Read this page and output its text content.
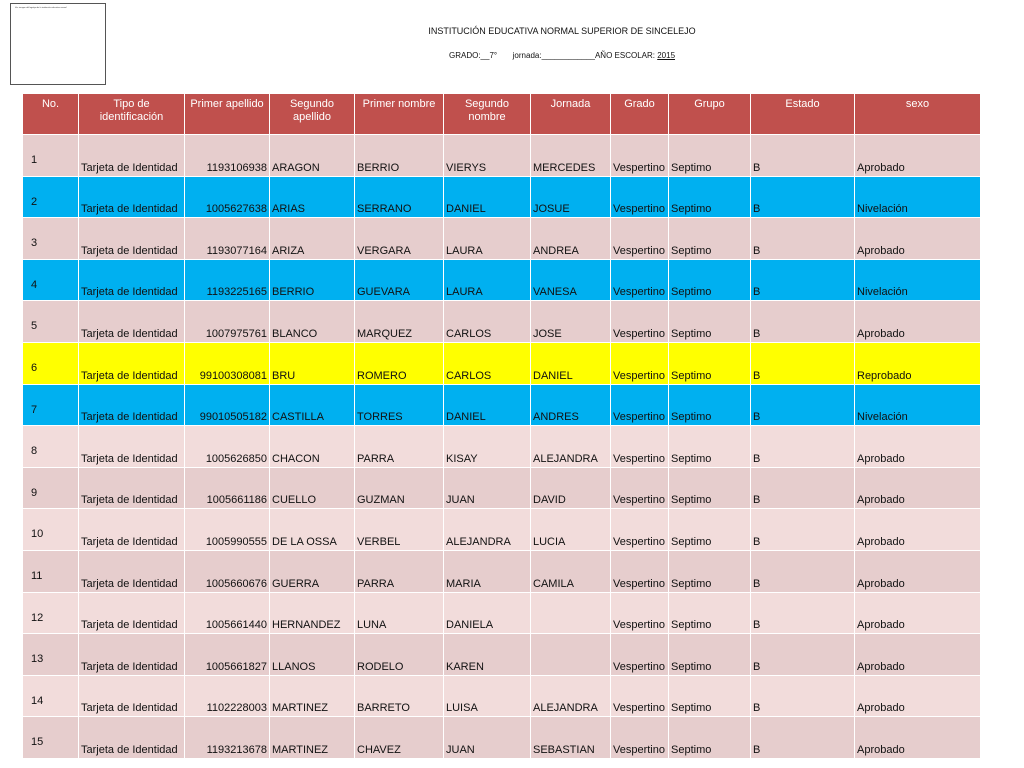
Ver: imagen del logotipo de la institución educativa normal
INSTITUCIÓN EDUCATIVA NORMAL SUPERIOR DE SINCELEJO
GRADO:__7° jornada:____________AÑO ESCOLAR: 2015
No.	Tipo de identificación	Primer apellido	Segundo apellido	Primer nombre	Segundo nombre	Jornada	Grado	Grupo	Estado	sexo
1	Tarjeta de Identidad	1193106938	ARAGON	BERRIO	VIERYS	MERCEDES	Vespertino	Septimo	B	Aprobado
2	Tarjeta de Identidad	1005627638	ARIAS	SERRANO	DANIEL	JOSUE	Vespertino	Septimo	B	Nivelación
3	Tarjeta de Identidad	1193077164	ARIZA	VERGARA	LAURA	ANDREA	Vespertino	Septimo	B	Aprobado
4	Tarjeta de Identidad	1193225165	BERRIO	GUEVARA	LAURA	VANESA	Vespertino	Septimo	B	Nivelación
5	Tarjeta de Identidad	1007975761	BLANCO	MARQUEZ	CARLOS	JOSE	Vespertino	Septimo	B	Aprobado
6	Tarjeta de Identidad	99100308081	BRU	ROMERO	CARLOS	DANIEL	Vespertino	Septimo	B	Reprobado
7	Tarjeta de Identidad	99010505182	CASTILLA	TORRES	DANIEL	ANDRES	Vespertino	Septimo	B	Nivelación
8	Tarjeta de Identidad	1005626850	CHACON	PARRA	KISAY	ALEJANDRA	Vespertino	Septimo	B	Aprobado
9	Tarjeta de Identidad	1005661186	CUELLO	GUZMAN	JUAN	DAVID	Vespertino	Septimo	B	Aprobado
10	Tarjeta de Identidad	1005990555	DE LA OSSA	VERBEL	ALEJANDRA	LUCIA	Vespertino	Septimo	B	Aprobado
11	Tarjeta de Identidad	1005660676	GUERRA	PARRA	MARIA	CAMILA	Vespertino	Septimo	B	Aprobado
12	Tarjeta de Identidad	1005661440	HERNANDEZ	LUNA	DANIELA		Vespertino	Septimo	B	Aprobado
13	Tarjeta de Identidad	1005661827	LLANOS	RODELO	KAREN		Vespertino	Septimo	B	Aprobado
14	Tarjeta de Identidad	1102228003	MARTINEZ	BARRETO	LUISA	ALEJANDRA	Vespertino	Septimo	B	Aprobado
15	Tarjeta de Identidad	1193213678	MARTINEZ	CHAVEZ	JUAN	SEBASTIAN	Vespertino	Septimo	B	Aprobado
